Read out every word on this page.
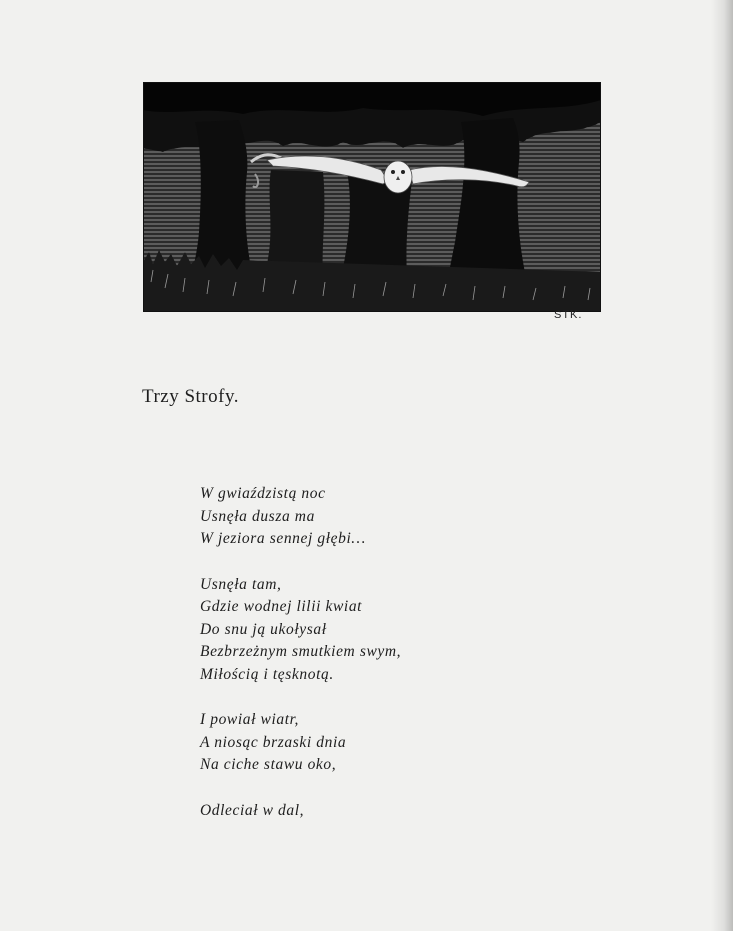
STK.
Trzy Strofy.

W gwiaździstą noc
Usnęła dusza ma
W jeziora sennej głębi…

Usnęła tam,
Gdzie wodnej lilii kwiat
Do snu ją ukołysał
Bezbrzeżnym smutkiem swym,
Miłością i tęsknotą.

I powiał wiatr,
A niosąc brzaski dnia
Na ciche stawu oko,

Odleciał w dal,
